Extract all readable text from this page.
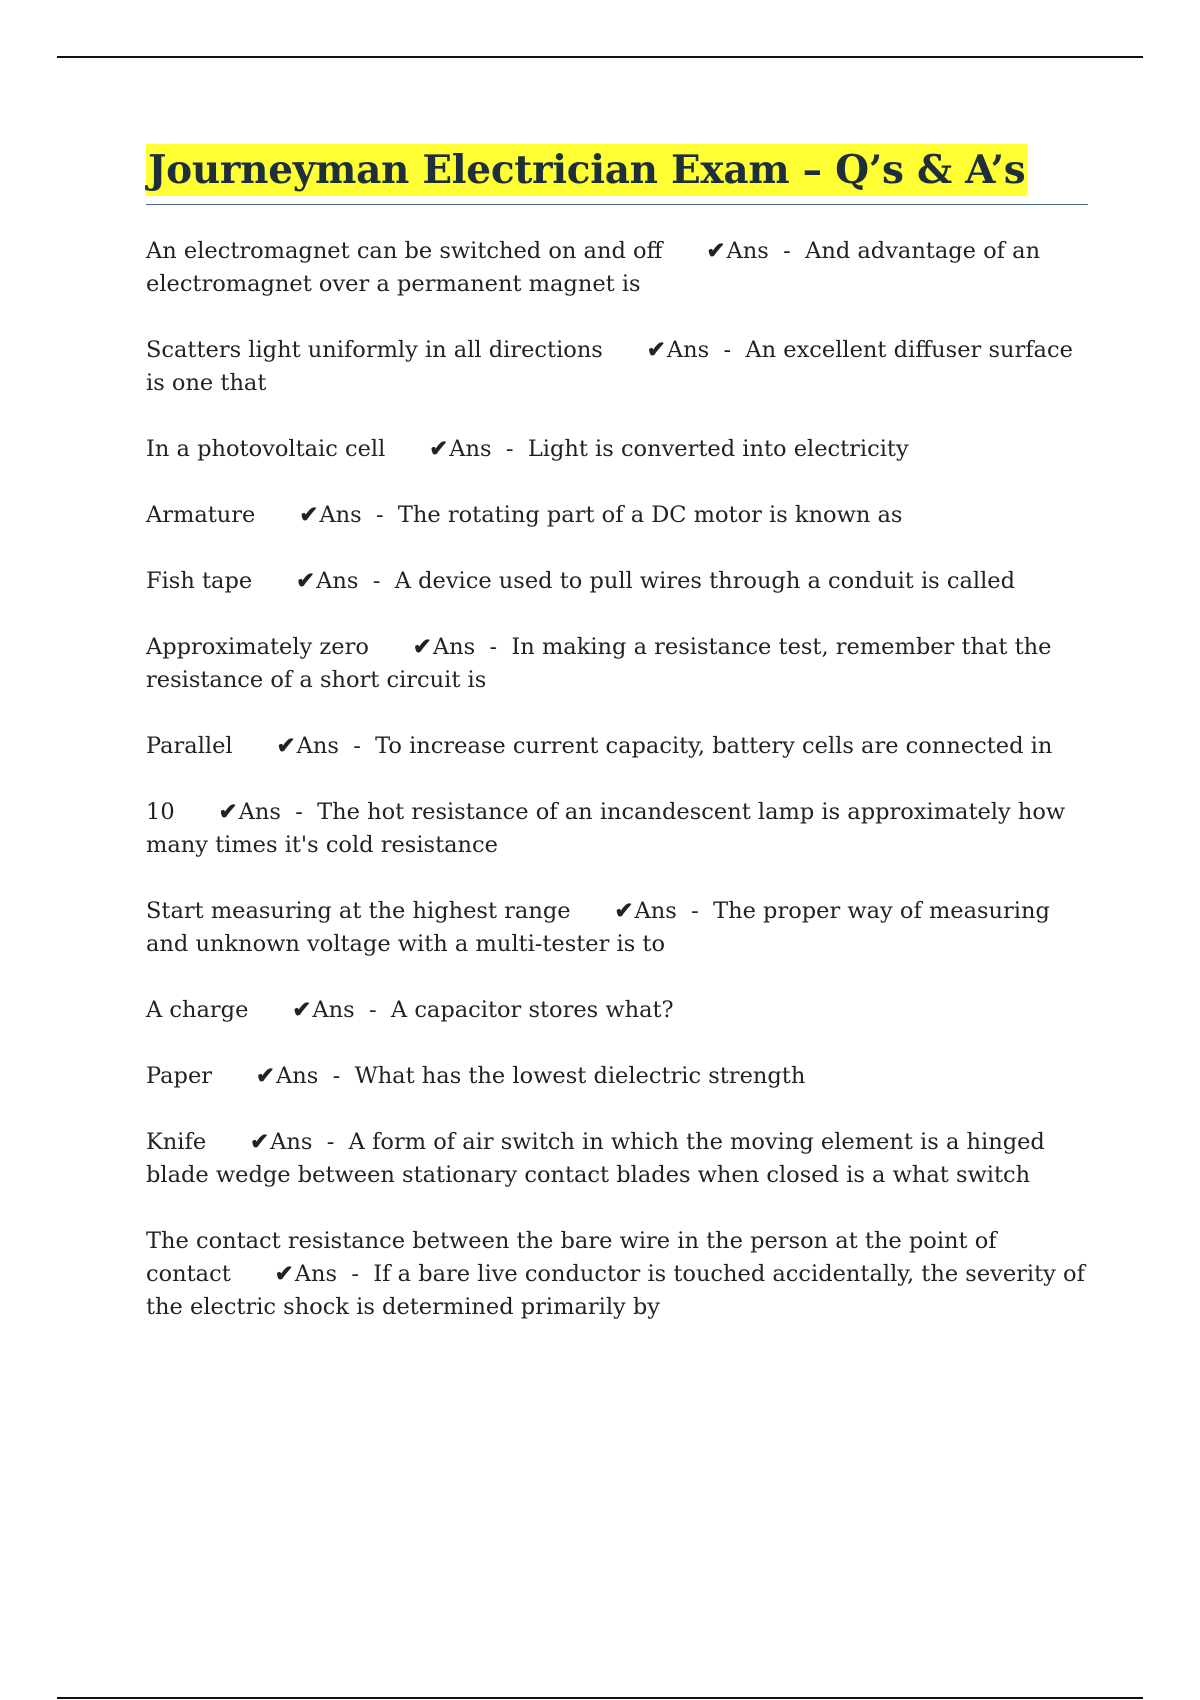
Journeyman Electrician Exam – Q’s & A’s

An electromagnet can be switched on and off ✔Ans - And advantage of an electromagnet over a permanent magnet is

Scatters light uniformly in all directions ✔Ans - An excellent diffuser surface is one that

In a photovoltaic cell ✔Ans - Light is converted into electricity

Armature ✔Ans - The rotating part of a DC motor is known as

Fish tape ✔Ans - A device used to pull wires through a conduit is called

Approximately zero ✔Ans - In making a resistance test, remember that the resistance of a short circuit is

Parallel ✔Ans - To increase current capacity, battery cells are connected in

10 ✔Ans - The hot resistance of an incandescent lamp is approximately how many times it's cold resistance

Start measuring at the highest range ✔Ans - The proper way of measuring and unknown voltage with a multi-tester is to

A charge ✔Ans - A capacitor stores what?

Paper ✔Ans - What has the lowest dielectric strength

Knife ✔Ans - A form of air switch in which the moving element is a hinged blade wedge between stationary contact blades when closed is a what switch

The contact resistance between the bare wire in the person at the point of contact ✔Ans - If a bare live conductor is touched accidentally, the severity of the electric shock is determined primarily by
